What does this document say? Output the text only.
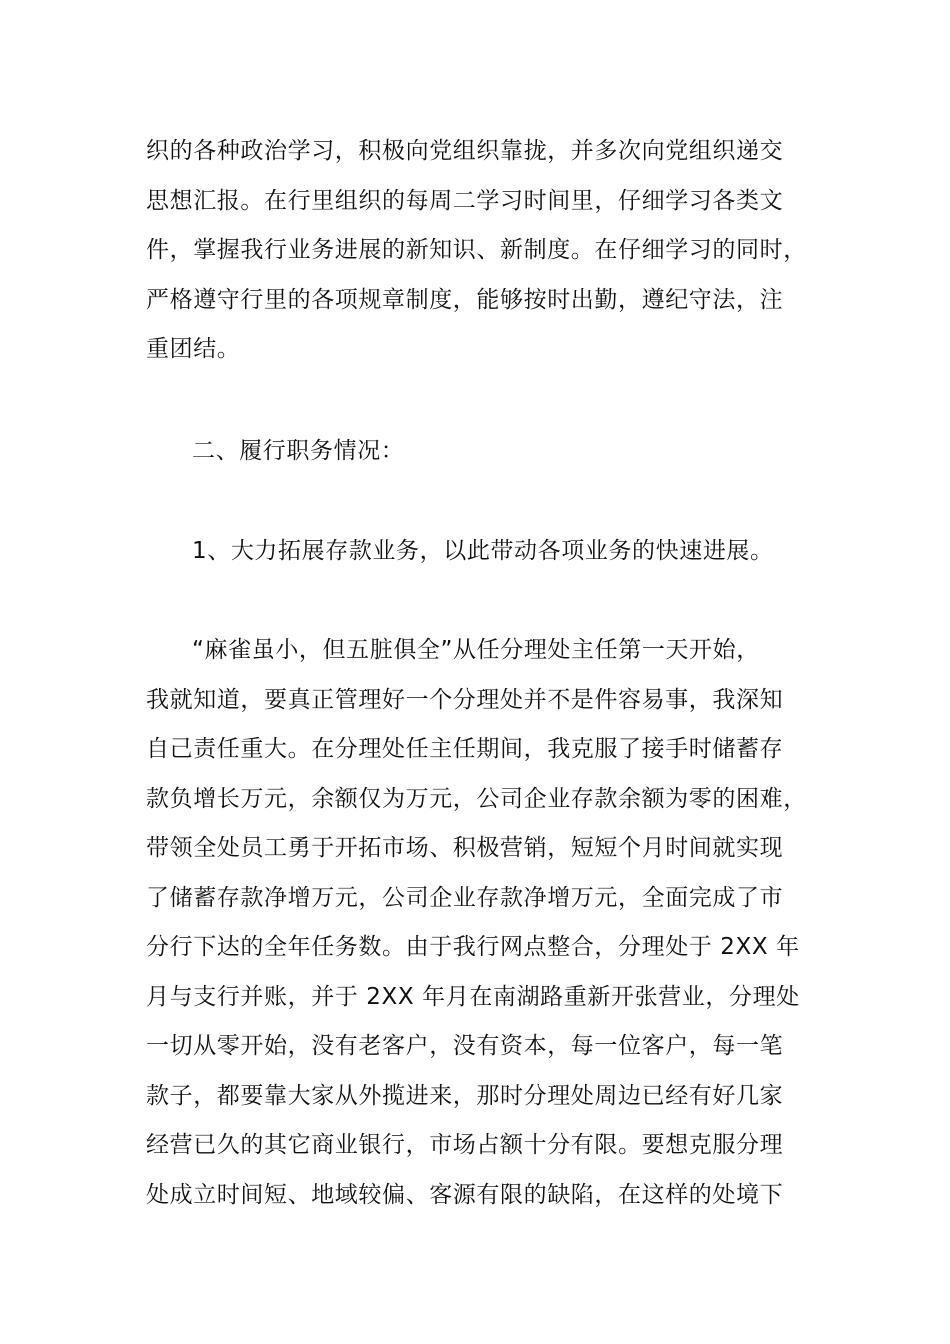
织的各种政治学习，积极向党组织靠拢，并多次向党组织递交
思想汇报。在行里组织的每周二学习时间里，仔细学习各类文
件，掌握我行业务进展的新知识、新制度。在仔细学习的同时，
严格遵守行里的各项规章制度，能够按时出勤，遵纪守法，注
重团结。
二、履行职务情况：
1、大力拓展存款业务，以此带动各项业务的快速进展。
“麻雀虽小，但五脏俱全”从任分理处主任第一天开始，
我就知道，要真正管理好一个分理处并不是件容易事，我深知
自己责任重大。在分理处任主任期间，我克服了接手时储蓄存
款负增长万元，余额仅为万元，公司企业存款余额为零的困难，
带领全处员工勇于开拓市场、积极营销，短短个月时间就实现
了储蓄存款净增万元，公司企业存款净增万元，全面完成了市
分行下达的全年任务数。由于我行网点整合，分理处于 2XX 年
月与支行并账，并于 2XX 年月在南湖路重新开张营业，分理处
一切从零开始，没有老客户，没有资本，每一位客户，每一笔
款子，都要靠大家从外揽进来，那时分理处周边已经有好几家
经营已久的其它商业银行，市场占额十分有限。要想克服分理
处成立时间短、地域较偏、客源有限的缺陷，在这样的处境下
